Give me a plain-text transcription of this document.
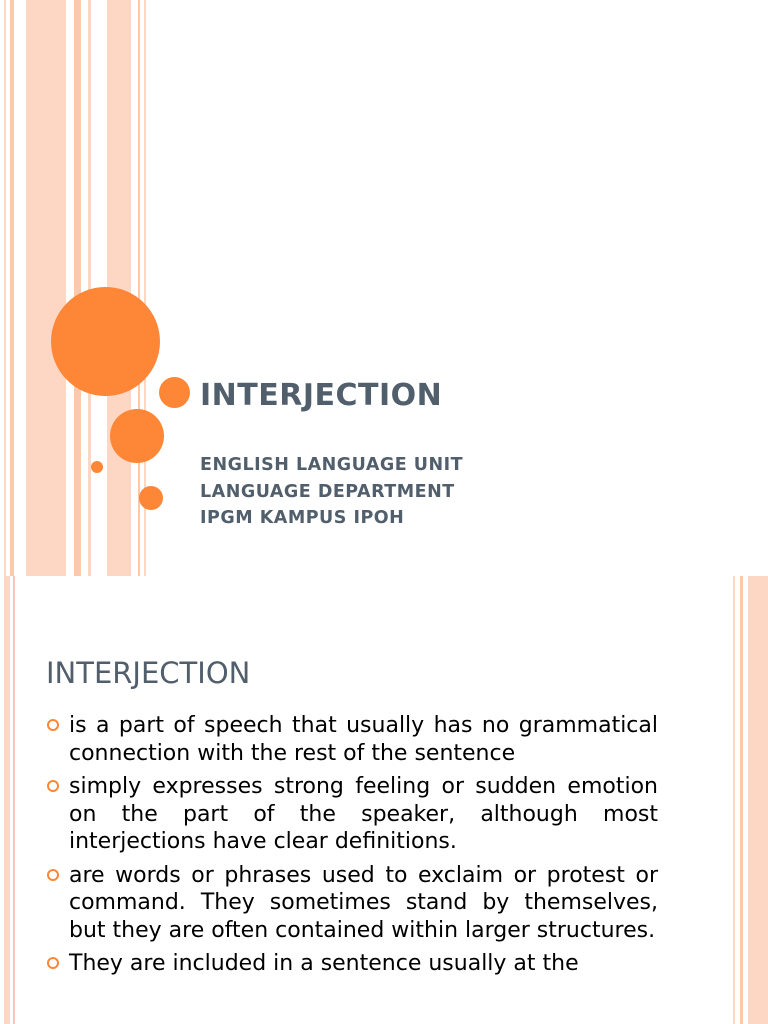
INTERJECTION
ENGLISH LANGUAGE UNIT
LANGUAGE DEPARTMENT
IPGM KAMPUS IPOH
INTERJECTION
is a part of speech that usually has no grammatical connection with the rest of the sentence
simply expresses strong feeling or sudden emotion on the part of the speaker, although most interjections have clear definitions.
are words or phrases used to exclaim or protest or command. They sometimes stand by themselves, but they are often contained within larger structures.
They are included in a sentence usually at the
